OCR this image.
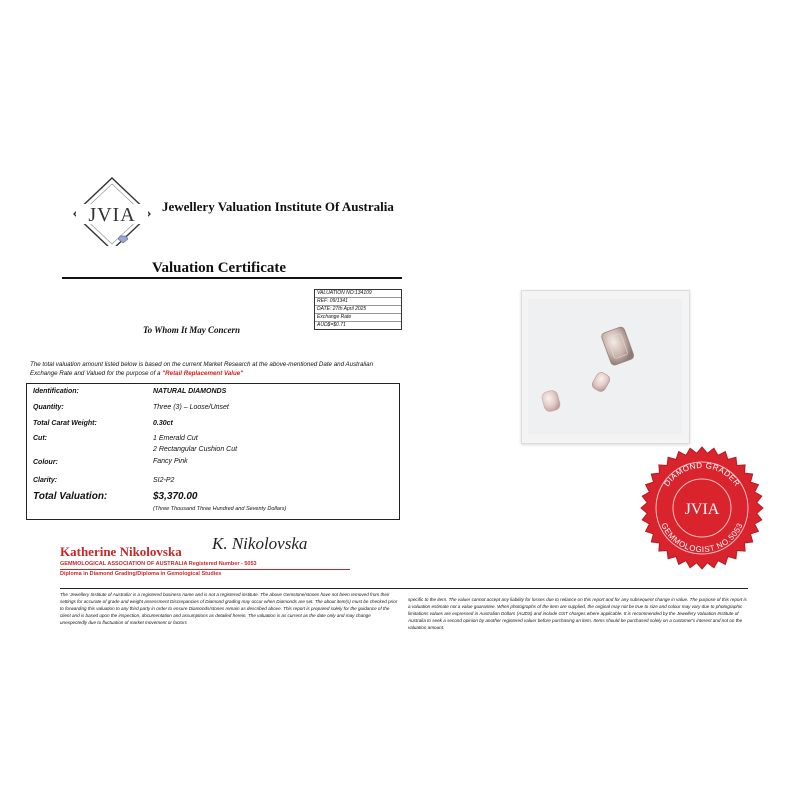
JVIA Jewellery Valuation Institute Of Australia
Valuation Certificate
VALUATION NO:134109
REF: 09/1341
DATE: 27th April 2025
Exchange Rate
AUD$=$0.71
To Whom It May Concern
The total valuation amount listed below is based on the current Market Research at the above-mentioned Date and Australian Exchange Rate and Valued for the purpose of a "Retail Replacement Value"
Identification:	NATURAL DIAMONDS
Quantity:	Three (3) – Loose/Unset
Total Carat Weight:	0.30ct
Cut:	1 Emerald Cut
2 Rectangular Cushion Cut
Colour:	Fancy Pink
Clarity:	SI2-P2
Total Valuation:	$3,370.00
(Three Thousand Three Hundred and Seventy Dollars)
Katherine Nikolovska K. Nikolovska
GEMMOLOGICAL ASSOCIATION OF AUSTRALIA Registered Number - 5053
Diploma in Diamond Grading/Diploma in Gemological Studies
The 'Jewellery Institute of Australia' is a registered business name and is not a registered institute. The above Gemstone/stones have not been removed from their settings for accurate of grade and weight assessment Discrepancies of Diamond grading may occur when Diamonds are set. The about item(s) must be checked prior to forwarding this valuation to any third party in order to ensure Diamonds/stones remain as described above. This report is prepared solely for the guidance of the client and is based upon the inspection, documentation and assumptions as detailed herein. The valuation is as current as the date only and may change unexpectedly due to fluctuation of market movement or factors
specific to the item. The valuer cannot accept any liability for losses due to reliance on this report and for any subsequent change in value. The purpose of this report is a valuation estimate not a value guarantee. When photographs of the item are supplied, the original may not be true to size and colour may vary due to photographic limitations values are expressed in Australian Dollars (AUDS) and include GST charges where applicable. It is recommended by the Jewellery Valuation Institute of Australia to seek a second opinion by another registered valuer before purchasing an item. Items should be purchased solely on a customer's interest and not on the valuation amount.
DIAMOND GRADER
GEMMOLOGIST NO.5053
JVIA
